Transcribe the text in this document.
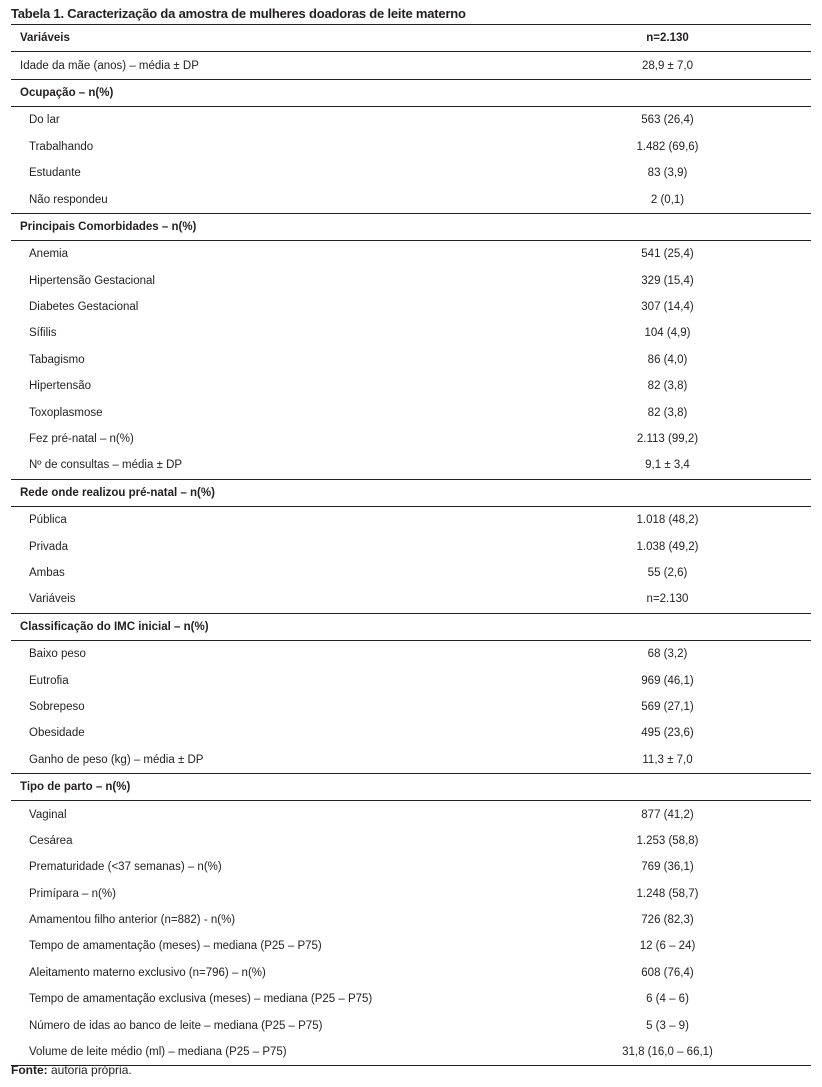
Tabela 1. Caracterização da amostra de mulheres doadoras de leite materno
Variáveis	n=2.130
Idade da mãe (anos) – média ± DP	28,9 ± 7,0
Ocupação – n(%)	
Do lar	563 (26,4)
Trabalhando	1.482 (69,6)
Estudante	83 (3,9)
Não respondeu	2 (0,1)
Principais Comorbidades – n(%)	
Anemia	541 (25,4)
Hipertensão Gestacional	329 (15,4)
Diabetes Gestacional	307 (14,4)
Sífilis	104 (4,9)
Tabagismo	86 (4,0)
Hipertensão	82 (3,8)
Toxoplasmose	82 (3,8)
Fez pré-natal – n(%)	2.113 (99,2)
Nº de consultas – média ± DP	9,1 ± 3,4
Rede onde realizou pré-natal – n(%)	
Pública	1.018 (48,2)
Privada	1.038 (49,2)
Ambas	55 (2,6)
Variáveis	n=2.130
Classificação do IMC inicial – n(%)	
Baixo peso	68 (3,2)
Eutrofia	969 (46,1)
Sobrepeso	569 (27,1)
Obesidade	495 (23,6)
Ganho de peso (kg) – média ± DP	11,3 ± 7,0
Tipo de parto – n(%)	
Vaginal	877 (41,2)
Cesárea	1.253 (58,8)
Prematuridade (<37 semanas) – n(%)	769 (36,1)
Primípara – n(%)	1.248 (58,7)
Amamentou filho anterior (n=882) - n(%)	726 (82,3)
Tempo de amamentação (meses) – mediana (P25 – P75)	12 (6 – 24)
Aleitamento materno exclusivo (n=796) – n(%)	608 (76,4)
Tempo de amamentação exclusiva (meses) – mediana (P25 – P75)	6 (4 – 6)
Número de idas ao banco de leite – mediana (P25 – P75)	5 (3 – 9)
Volume de leite médio (ml) – mediana (P25 – P75)	31,8 (16,0 – 66,1)
Fonte: autoria própria.
